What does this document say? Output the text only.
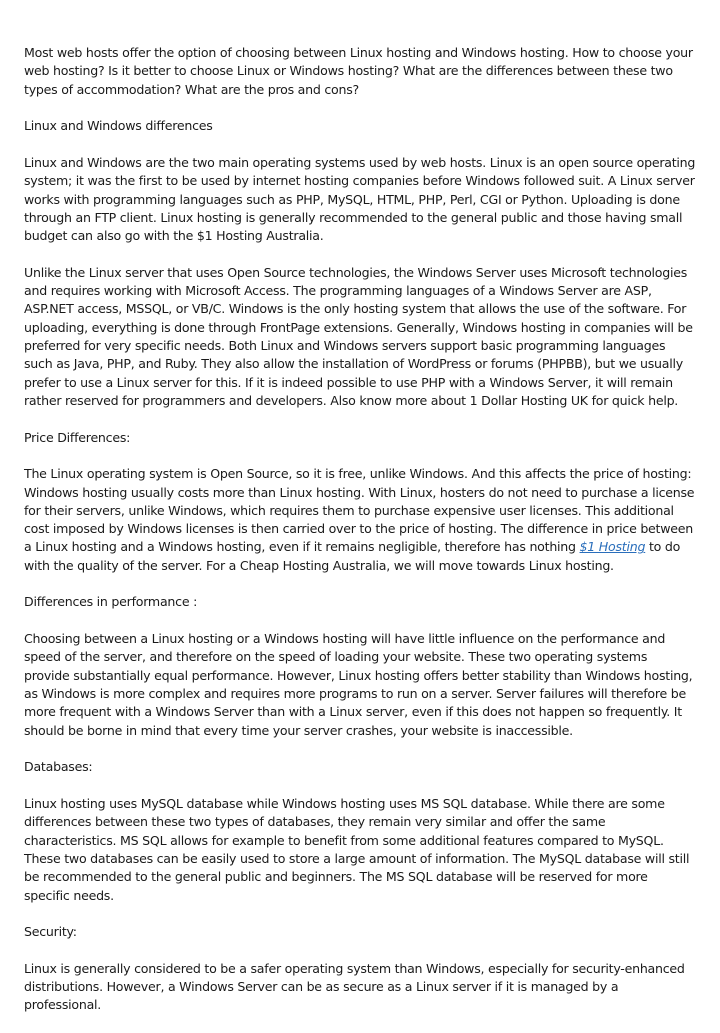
Most web hosts offer the option of choosing between Linux hosting and Windows hosting. How to choose your web hosting? Is it better to choose Linux or Windows hosting? What are the differences between these two types of accommodation? What are the pros and cons?

Linux and Windows differences

Linux and Windows are the two main operating systems used by web hosts. Linux is an open source operating system; it was the first to be used by internet hosting companies before Windows followed suit. A Linux server works with programming languages such as PHP, MySQL, HTML, PHP, Perl, CGI or Python. Uploading is done through an FTP client. Linux hosting is generally recommended to the general public and those having small budget can also go with the $1 Hosting Australia.

Unlike the Linux server that uses Open Source technologies, the Windows Server uses Microsoft technologies and requires working with Microsoft Access. The programming languages of a Windows Server are ASP, ASP.NET access, MSSQL, or VB/C. Windows is the only hosting system that allows the use of the software. For uploading, everything is done through FrontPage extensions. Generally, Windows hosting in companies will be preferred for very specific needs. Both Linux and Windows servers support basic programming languages such as Java, PHP, and Ruby. They also allow the installation of WordPress or forums (PHPBB), but we usually prefer to use a Linux server for this. If it is indeed possible to use PHP with a Windows Server, it will remain rather reserved for programmers and developers. Also know more about 1 Dollar Hosting UK for quick help.

Price Differences:

The Linux operating system is Open Source, so it is free, unlike Windows. And this affects the price of hosting: Windows hosting usually costs more than Linux hosting. With Linux, hosters do not need to purchase a license for their servers, unlike Windows, which requires them to purchase expensive user licenses. This additional cost imposed by Windows licenses is then carried over to the price of hosting. The difference in price between a Linux hosting and a Windows hosting, even if it remains negligible, therefore has nothing $1 Hosting to do with the quality of the server. For a Cheap Hosting Australia, we will move towards Linux hosting.

Differences in performance :

Choosing between a Linux hosting or a Windows hosting will have little influence on the performance and speed of the server, and therefore on the speed of loading your website. These two operating systems provide substantially equal performance. However, Linux hosting offers better stability than Windows hosting, as Windows is more complex and requires more programs to run on a server. Server failures will therefore be more frequent with a Windows Server than with a Linux server, even if this does not happen so frequently. It should be borne in mind that every time your server crashes, your website is inaccessible.

Databases:

Linux hosting uses MySQL database while Windows hosting uses MS SQL database. While there are some differences between these two types of databases, they remain very similar and offer the same characteristics. MS SQL allows for example to benefit from some additional features compared to MySQL. These two databases can be easily used to store a large amount of information. The MySQL database will still be recommended to the general public and beginners. The MS SQL database will be reserved for more specific needs.

Security:

Linux is generally considered to be a safer operating system than Windows, especially for security-enhanced distributions. However, a Windows Server can be as secure as a Linux server if it is managed by a professional.
